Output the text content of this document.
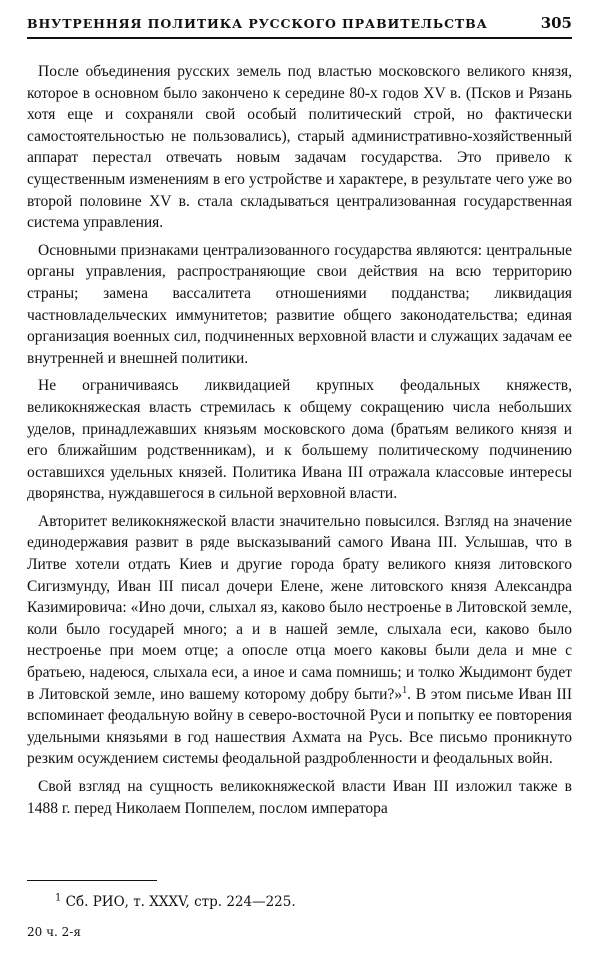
ВНУТРЕННЯЯ ПОЛИТИКА РУССКОГО ПРАВИТЕЛЬСТВА	305

После объединения русских земель под властью московского великого князя, которое в основном было закончено к середине 80-х годов XV в. (Псков и Рязань хотя еще и сохраняли свой особый политический строй, но фактически самостоятельностью не пользовались), старый административно-хозяйственный аппарат перестал отвечать новым задачам государства. Это привело к существенным изменениям в его устройстве и характере, в результате чего уже во второй половине XV в. стала складываться централизованная государственная система управления.

Основными признаками централизованного государства являются: центральные органы управления, распространяющие свои действия на всю территорию страны; замена вассалитета отношениями подданства; ликвидация частновладельческих иммунитетов; развитие общего законодательства; единая организация военных сил, подчиненных верховной власти и служащих задачам ее внутренней и внешней политики.

Не ограничиваясь ликвидацией крупных феодальных княжеств, великокняжеская власть стремилась к общему сокращению числа небольших уделов, принадлежавших князьям московского дома (братьям великого князя и его ближайшим родственникам), и к большему политическому подчинению оставшихся удельных князей. Политика Ивана III отражала классовые интересы дворянства, нуждавшегося в сильной верховной власти.

Авторитет великокняжеской власти значительно повысился. Взгляд на значение единодержавия развит в ряде высказываний самого Ивана III. Услышав, что в Литве хотели отдать Киев и другие города брату великого князя литовского Сигизмунду, Иван III писал дочери Елене, жене литовского князя Александра Казимировича: «Ино дочи, слыхал яз, каково было нестроенье в Литовской земле, коли было государей много; а и в нашей земле, слыхала еси, каково было нестроенье при моем отце; а опосле отца моего каковы были дела и мне с братьею, надеюся, слыхала еси, а иное и сама помнишь; и толко Жыдимонт будет в Литовской земле, ино вашему которому добру быти?»$^1$. В этом письме Иван III вспоминает феодальную войну в северо-восточной Руси и попытку ее повторения удельными князьями в год нашествия Ахмата на Русь. Все письмо проникнуто резким осуждением системы феодальной раздробленности и феодальных войн.

Свой взгляд на сущность великокняжеской власти Иван III изложил также в 1488 г. перед Николаем Поппелем, послом императора

$^1$ Сб. РИО, т. XXXV, стр. 224—225.
20 ч. 2-я
